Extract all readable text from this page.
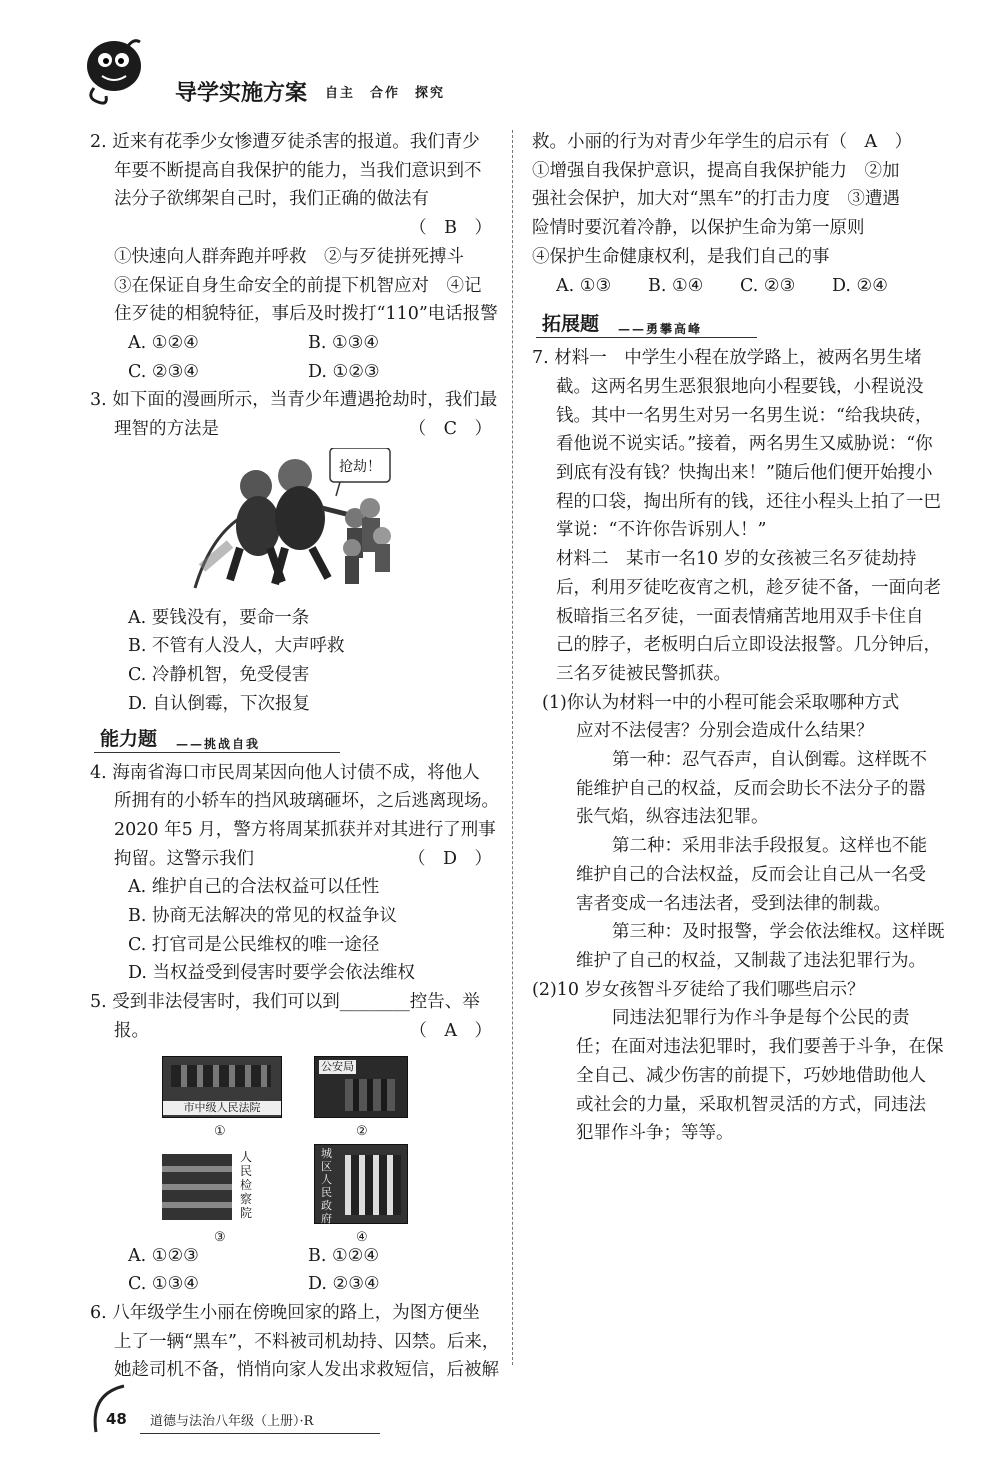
导学实施方案 自主　合作　探究

2. 近来有花季少女惨遭歹徒杀害的报道。我们青少

年要不断提高自我保护的能力，当我们意识到不

法分子欲绑架自己时，我们正确的做法有

（　B　）

①快速向人群奔跑并呼救　②与歹徒拼死搏斗

③在保证自身生命安全的前提下机智应对　④记

住歹徒的相貌特征，事后及时拨打“110”电话报警

A. ①②④	B. ①③④
C. ②③④	D. ①②③

3. 如下面的漫画所示，当青少年遭遇抢劫时，我们最

理智的方法是	（　C　）

抢劫！

A. 要钱没有，要命一条

B. 不管有人没人，大声呼救

C. 冷静机智，免受侵害

D. 自认倒霉，下次报复

能力题 ——挑战自我

4. 海南省海口市民周某因向他人讨债不成，将他人

所拥有的小轿车的挡风玻璃砸坏，之后逃离现场。

2020 年5 月，警方将周某抓获并对其进行了刑事

拘留。这警示我们	（　D　）

A. 维护自己的合法权益可以任性

B. 协商无法解决的常见的权益争议

C. 打官司是公民维权的唯一途径

D. 当权益受到侵害时要学会依法维权

5. 受到非法侵害时，我们可以到________控告、举

报。	（　A　）

市中级人民法院
①
公安局
②
人民检察院
③
城区人民政府
④
A. ①②③	B. ①②④
C. ①③④	D. ②③④

6. 八年级学生小丽在傍晚回家的路上，为图方便坐

上了一辆“黑车”，不料被司机劫持、囚禁。后来，

她趁司机不备，悄悄向家人发出求救短信，后被解

救。小丽的行为对青少年学生的启示有（　A　）

①增强自我保护意识，提高自我保护能力　②加

强社会保护，加大对“黑车”的打击力度　③遭遇

险情时要沉着冷静，以保护生命为第一原则

④保护生命健康权利，是我们自己的事

A. ①③	B. ①④	C. ②③	D. ②④
拓展题 ——勇攀高峰

7. 材料一　中学生小程在放学路上，被两名男生堵

截。这两名男生恶狠狠地向小程要钱，小程说没

钱。其中一名男生对另一名男生说：“给我块砖，

看他说不说实话。”接着，两名男生又威胁说：“你

到底有没有钱？快掏出来！”随后他们便开始搜小

程的口袋，掏出所有的钱，还往小程头上拍了一巴

掌说：“不许你告诉别人！”

材料二　某市一名10 岁的女孩被三名歹徒劫持

后，利用歹徒吃夜宵之机，趁歹徒不备，一面向老

板暗指三名歹徒，一面表情痛苦地用双手卡住自

己的脖子，老板明白后立即设法报警。几分钟后，

三名歹徒被民警抓获。

(1)你认为材料一中的小程可能会采取哪种方式

应对不法侵害？分别会造成什么结果？

第一种：忍气吞声，自认倒霉。这样既不

能维护自己的权益，反而会助长不法分子的嚣

张气焰，纵容违法犯罪。

第二种：采用非法手段报复。这样也不能

维护自己的合法权益，反而会让自己从一名受

害者变成一名违法者，受到法律的制裁。

第三种：及时报警，学会依法维权。这样既

维护了自己的权益，又制裁了违法犯罪行为。

(2)10 岁女孩智斗歹徒给了我们哪些启示？

同违法犯罪行为作斗争是每个公民的责

任；在面对违法犯罪时，我们要善于斗争，在保

全自己、减少伤害的前提下，巧妙地借助他人

或社会的力量，采取机智灵活的方式，同违法

犯罪作斗争；等等。

48 道德与法治八年级（上册）·R
